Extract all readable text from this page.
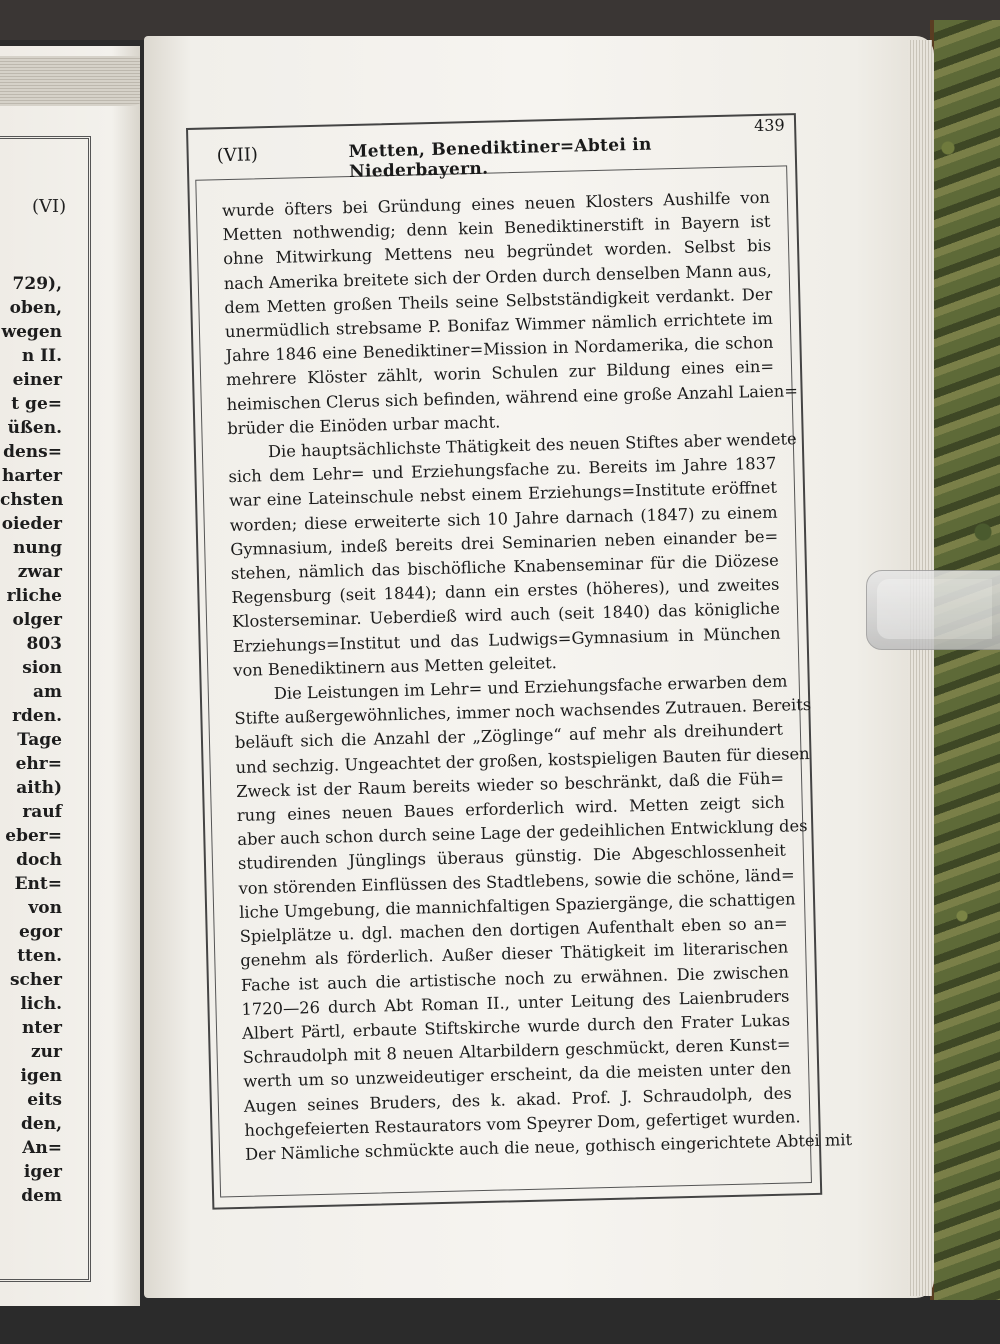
(VI)
729),
oben,
wegen
n II.
einer
t ge=
üßen.
dens=
harter
chsten
oieder
nung
zwar
rliche
olger
803
sion
am
rden.
Tage
ehr=
aith)
rauf
eber=
doch
Ent=
von
egor
tten.
scher
lich.
nter
zur
igen
eits
den,
An=
iger
dem
(VII)	Metten, Benediktiner=Abtei in Niederbayern.
439
wurde öfters bei Gründung eines neuen Klosters Aushilfe von
Metten nothwendig; denn kein Benediktinerstift in Bayern ist
ohne Mitwirkung Mettens neu begründet worden. Selbst bis
nach Amerika breitete sich der Orden durch denselben Mann aus,
dem Metten großen Theils seine Selbstständigkeit verdankt. Der
unermüdlich strebsame P. Bonifaz Wimmer nämlich errichtete im
Jahre 1846 eine Benediktiner=Mission in Nordamerika, die schon
mehrere Klöster zählt, worin Schulen zur Bildung eines ein=
heimischen Clerus sich befinden, während eine große Anzahl Laien=
brüder die Einöden urbar macht.
Die hauptsächlichste Thätigkeit des neuen Stiftes aber wendete
sich dem Lehr= und Erziehungsfache zu. Bereits im Jahre 1837
war eine Lateinschule nebst einem Erziehungs=Institute eröffnet
worden; diese erweiterte sich 10 Jahre darnach (1847) zu einem
Gymnasium, indeß bereits drei Seminarien neben einander be=
stehen, nämlich das bischöfliche Knabenseminar für die Diözese
Regensburg (seit 1844); dann ein erstes (höheres), und zweites
Klosterseminar. Ueberdieß wird auch (seit 1840) das königliche
Erziehungs=Institut und das Ludwigs=Gymnasium in München
von Benediktinern aus Metten geleitet.
Die Leistungen im Lehr= und Erziehungsfache erwarben dem
Stifte außergewöhnliches, immer noch wachsendes Zutrauen. Bereits
beläuft sich die Anzahl der „Zöglinge“ auf mehr als dreihundert
und sechzig. Ungeachtet der großen, kostspieligen Bauten für diesen
Zweck ist der Raum bereits wieder so beschränkt, daß die Füh=
rung eines neuen Baues erforderlich wird. Metten zeigt sich
aber auch schon durch seine Lage der gedeihlichen Entwicklung des
studirenden Jünglings überaus günstig. Die Abgeschlossenheit
von störenden Einflüssen des Stadtlebens, sowie die schöne, länd=
liche Umgebung, die mannichfaltigen Spaziergänge, die schattigen
Spielplätze u. dgl. machen den dortigen Aufenthalt eben so an=
genehm als förderlich. Außer dieser Thätigkeit im literarischen
Fache ist auch die artistische noch zu erwähnen. Die zwischen
1720—26 durch Abt Roman II., unter Leitung des Laienbruders
Albert Pärtl, erbaute Stiftskirche wurde durch den Frater Lukas
Schraudolph mit 8 neuen Altarbildern geschmückt, deren Kunst=
werth um so unzweideutiger erscheint, da die meisten unter den
Augen seines Bruders, des k. akad. Prof. J. Schraudolph, des
hochgefeierten Restaurators vom Speyrer Dom, gefertiget wurden.
Der Nämliche schmückte auch die neue, gothisch eingerichtete Abtei mit
